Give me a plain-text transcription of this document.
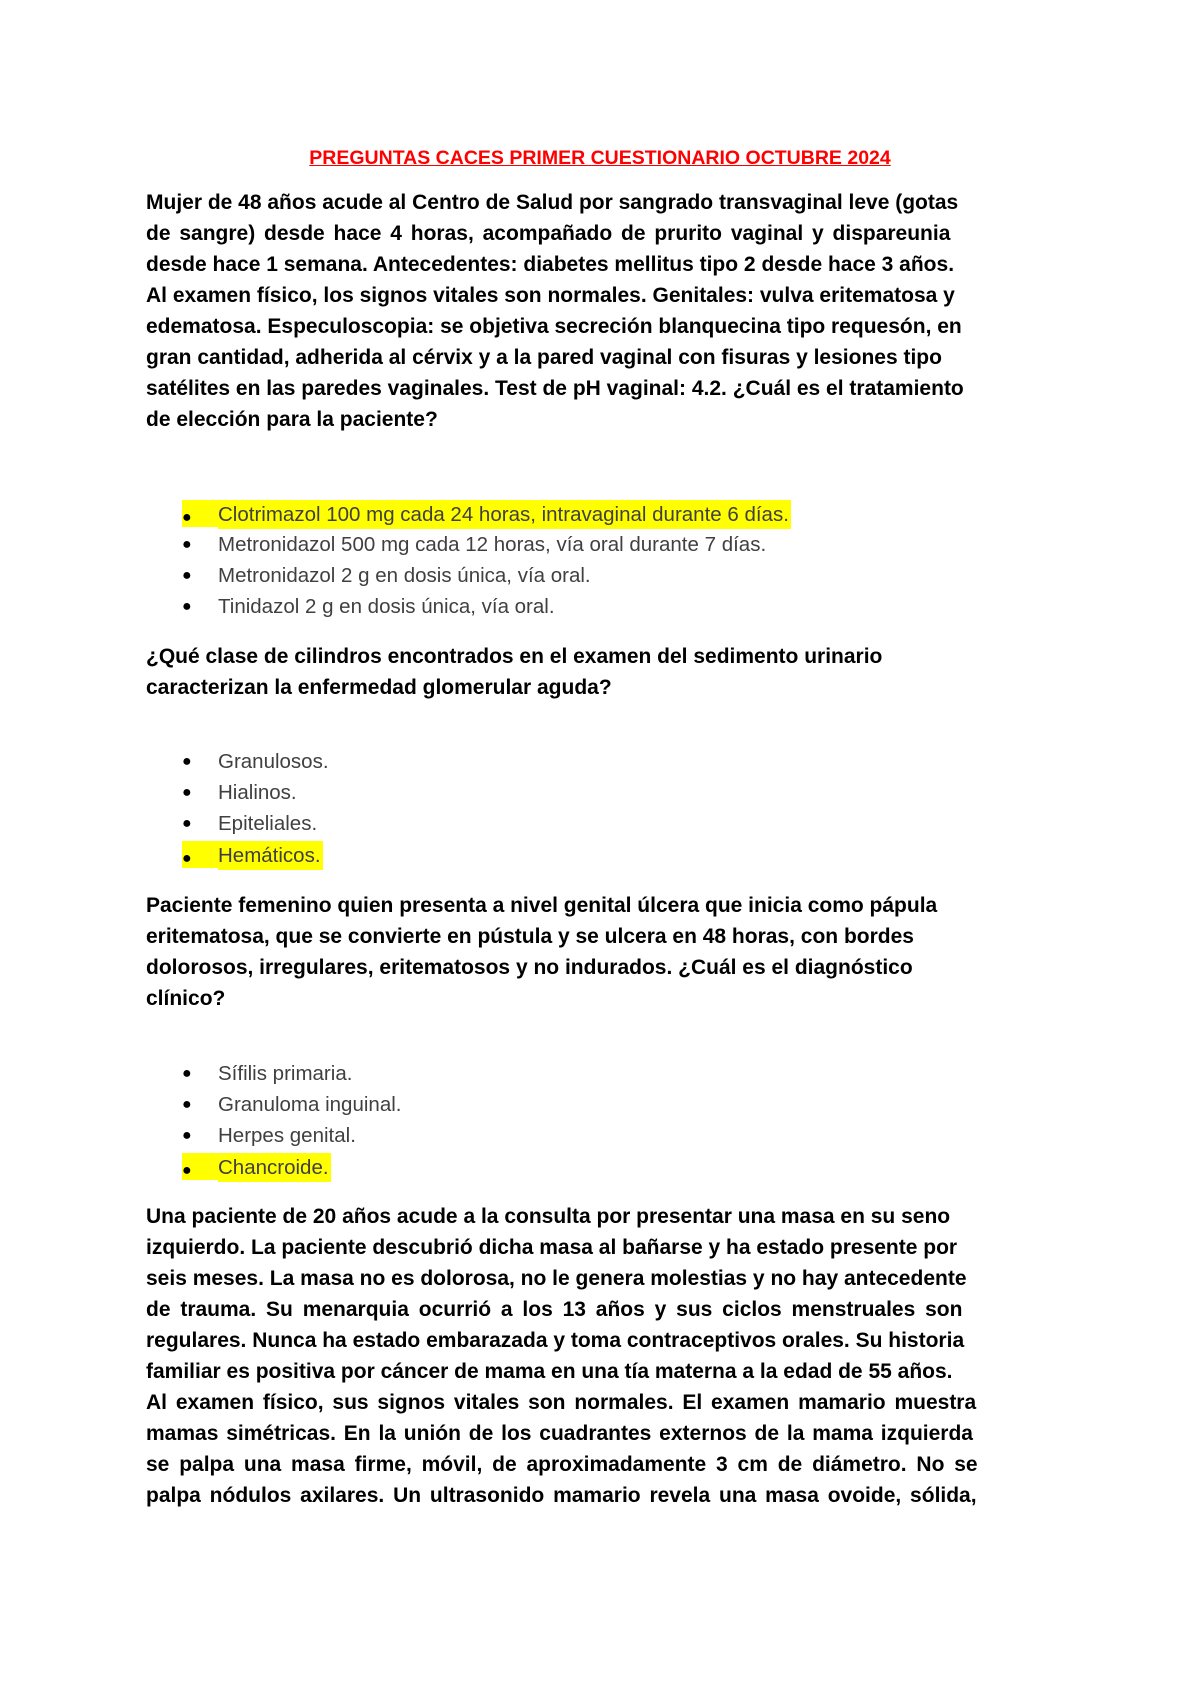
PREGUNTAS CACES PRIMER CUESTIONARIO OCTUBRE 2024
Mujer de 48 años acude al Centro de Salud por sangrado transvaginal leve (gotas
de sangre) desde hace 4 horas, acompañado de prurito vaginal y dispareunia
desde hace 1 semana. Antecedentes: diabetes mellitus tipo 2 desde hace 3 años.
Al examen físico, los signos vitales son normales. Genitales: vulva eritematosa y
edematosa. Especuloscopia: se objetiva secreción blanquecina tipo requesón, en
gran cantidad, adherida al cérvix y a la pared vaginal con fisuras y lesiones tipo
satélites en las paredes vaginales. Test de pH vaginal: 4.2. ¿Cuál es el tratamiento
de elección para la paciente?
● Clotrimazol 100 mg cada 24 horas, intravaginal durante 6 días.
● Metronidazol 500 mg cada 12 horas, vía oral durante 7 días.
● Metronidazol 2 g en dosis única, vía oral.
● Tinidazol 2 g en dosis única, vía oral.
¿Qué clase de cilindros encontrados en el examen del sedimento urinario
caracterizan la enfermedad glomerular aguda?
● Granulosos.
● Hialinos.
● Epiteliales.
● Hemáticos.
Paciente femenino quien presenta a nivel genital úlcera que inicia como pápula
eritematosa, que se convierte en pústula y se ulcera en 48 horas, con bordes
dolorosos, irregulares, eritematosos y no indurados. ¿Cuál es el diagnóstico
clínico?
● Sífilis primaria.
● Granuloma inguinal.
● Herpes genital.
● Chancroide.
Una paciente de 20 años acude a la consulta por presentar una masa en su seno
izquierdo. La paciente descubrió dicha masa al bañarse y ha estado presente por
seis meses. La masa no es dolorosa, no le genera molestias y no hay antecedente
de trauma. Su menarquia ocurrió a los 13 años y sus ciclos menstruales son
regulares. Nunca ha estado embarazada y toma contraceptivos orales. Su historia
familiar es positiva por cáncer de mama en una tía materna a la edad de 55 años.
Al examen físico, sus signos vitales son normales. El examen mamario muestra
mamas simétricas. En la unión de los cuadrantes externos de la mama izquierda
se palpa una masa firme, móvil, de aproximadamente 3 cm de diámetro. No se
palpa nódulos axilares. Un ultrasonido mamario revela una masa ovoide, sólida,
